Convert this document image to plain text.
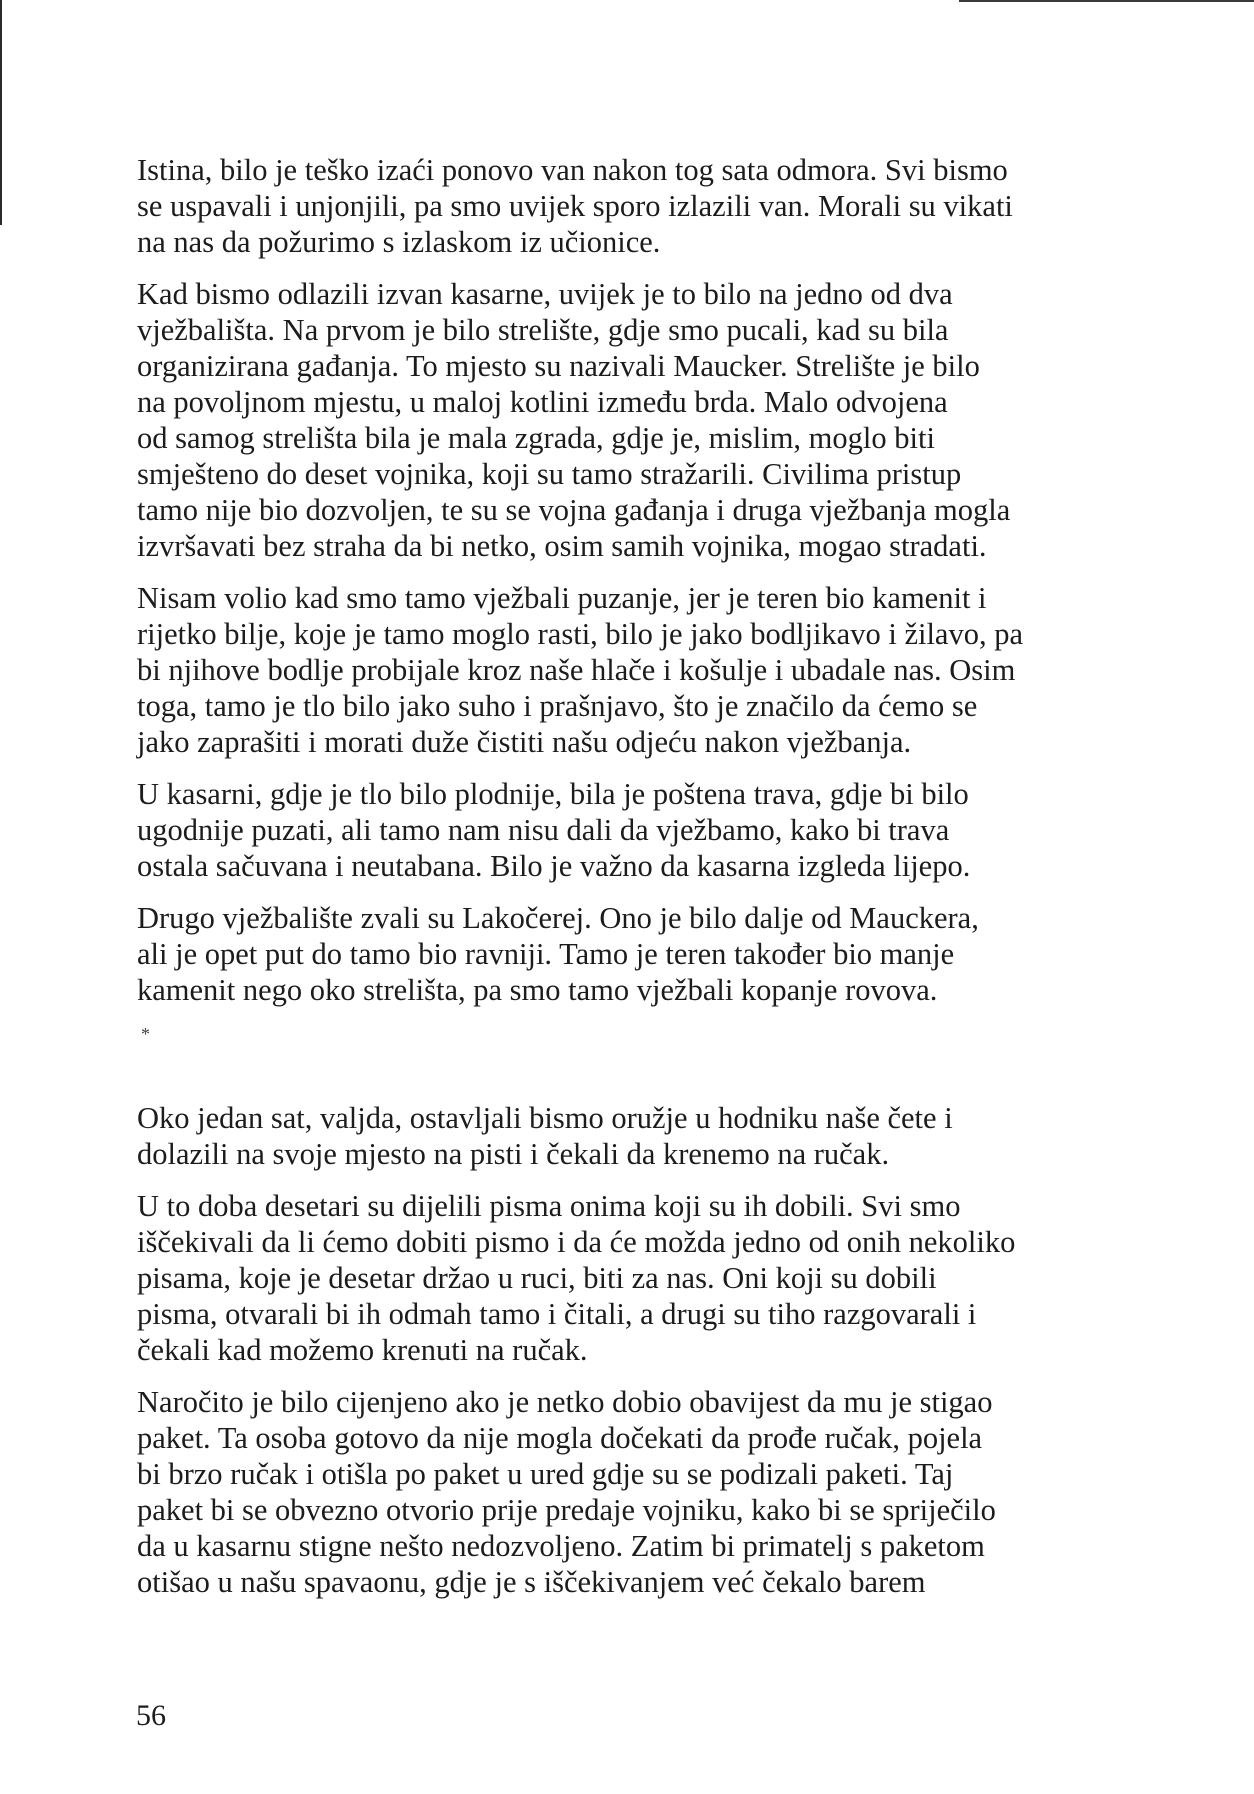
Istina, bilo je teško izaći ponovo van nakon tog sata odmora. Svi bismo
se uspavali i unjonjili, pa smo uvijek sporo izlazili van. Morali su vikati
na nas da požurimo s izlaskom iz učionice.

Kad bismo odlazili izvan kasarne, uvijek je to bilo na jedno od dva
vježbališta. Na prvom je bilo strelište, gdje smo pucali, kad su bila
organizirana gađanja. To mjesto su nazivali Maucker. Strelište je bilo
na povoljnom mjestu, u maloj kotlini između brda. Malo odvojena
od samog strelišta bila je mala zgrada, gdje je, mislim, moglo biti
smješteno do deset vojnika, koji su tamo stražarili. Civilima pristup
tamo nije bio dozvoljen, te su se vojna gađanja i druga vježbanja mogla
izvršavati bez straha da bi netko, osim samih vojnika, mogao stradati.

Nisam volio kad smo tamo vježbali puzanje, jer je teren bio kamenit i
rijetko bilje, koje je tamo moglo rasti, bilo je jako bodljikavo i žilavo, pa
bi njihove bodlje probijale kroz naše hlače i košulje i ubadale nas. Osim
toga, tamo je tlo bilo jako suho i prašnjavo, što je značilo da ćemo se
jako zaprašiti i morati duže čistiti našu odjeću nakon vježbanja.

U kasarni, gdje je tlo bilo plodnije, bila je poštena trava, gdje bi bilo
ugodnije puzati, ali tamo nam nisu dali da vježbamo, kako bi trava
ostala sačuvana i neutabana. Bilo je važno da kasarna izgleda lijepo.

Drugo vježbalište zvali su Lakočerej. Ono je bilo dalje od Mauckera,
ali je opet put do tamo bio ravniji. Tamo je teren također bio manje
kamenit nego oko strelišta, pa smo tamo vježbali kopanje rovova.

*

Oko jedan sat, valjda, ostavljali bismo oružje u hodniku naše čete i
dolazili na svoje mjesto na pisti i čekali da krenemo na ručak.

U to doba desetari su dijelili pisma onima koji su ih dobili. Svi smo
iščekivali da li ćemo dobiti pismo i da će možda jedno od onih nekoliko
pisama, koje je desetar držao u ruci, biti za nas. Oni koji su dobili
pisma, otvarali bi ih odmah tamo i čitali, a drugi su tiho razgovarali i
čekali kad možemo krenuti na ručak.

Naročito je bilo cijenjeno ako je netko dobio obavijest da mu je stigao
paket. Ta osoba gotovo da nije mogla dočekati da prođe ručak, pojela
bi brzo ručak i otišla po paket u ured gdje su se podizali paketi. Taj
paket bi se obvezno otvorio prije predaje vojniku, kako bi se spriječilo
da u kasarnu stigne nešto nedozvoljeno. Zatim bi primatelj s paketom
otišao u našu spavaonu, gdje je s iščekivanjem već čekalo barem

56
